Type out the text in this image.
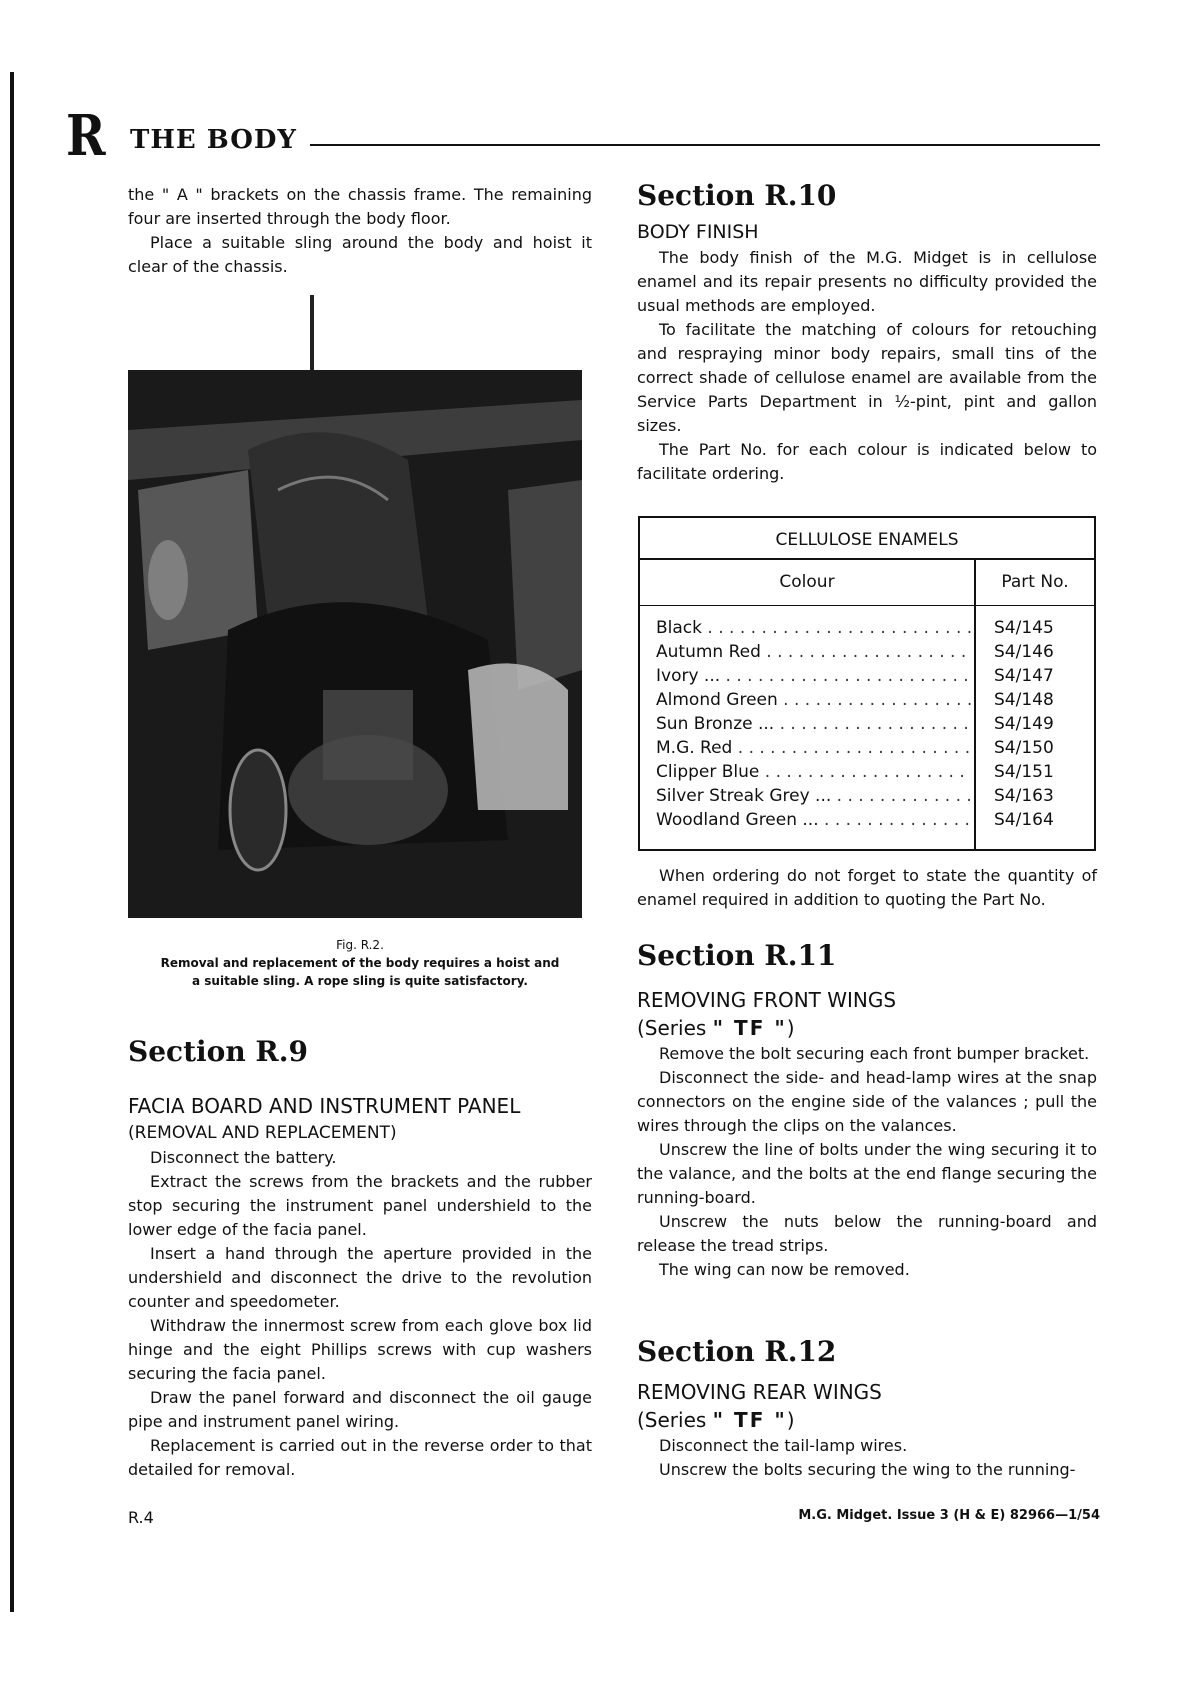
R THE BODY

the " A " brackets on the chassis frame. The remaining four are inserted through the body floor.

Place a suitable sling around the body and hoist it clear of the chassis.

Fig. R.2.
Removal and replacement of the body requires a hoist and a suitable sling. A rope sling is quite satisfactory.
Section R.9

FACIA BOARD AND INSTRUMENT PANEL

(REMOVAL AND REPLACEMENT)

Disconnect the battery.

Extract the screws from the brackets and the rubber stop securing the instrument panel undershield to the lower edge of the facia panel.

Insert a hand through the aperture provided in the undershield and disconnect the drive to the revolution counter and speedometer.

Withdraw the innermost screw from each glove box lid hinge and the eight Phillips screws with cup washers securing the facia panel.

Draw the panel forward and disconnect the oil gauge pipe and instrument panel wiring.

Replacement is carried out in the reverse order to that detailed for removal.

Section R.10

BODY FINISH

The body finish of the M.G. Midget is in cellulose enamel and its repair presents no difficulty provided the usual methods are employed.

To facilitate the matching of colours for retouching and respraying minor body repairs, small tins of the correct shade of cellulose enamel are available from the Service Parts Department in ½-pint, pint and gallon sizes.

The Part No. for each colour is indicated below to facilitate ordering.

CELLULOSE ENAMELS
Colour	Part No.
Black . . .	S4/145
Autumn Red . . .	S4/146
Ivory ... . . .	S4/147
Almond Green . . .	S4/148
Sun Bronze ... . . .	S4/149
M.G. Red . . .	S4/150
Clipper Blue . . .	S4/151
Silver Streak Grey ... . . .	S4/163
Woodland Green ... . . .	S4/164

When ordering do not forget to state the quantity of enamel required in addition to quoting the Part No.

Section R.11

REMOVING FRONT WINGS

(Series " TF ")

Remove the bolt securing each front bumper bracket.

Disconnect the side- and head-lamp wires at the snap connectors on the engine side of the valances ; pull the wires through the clips on the valances.

Unscrew the line of bolts under the wing securing it to the valance, and the bolts at the end flange securing the running-board.

Unscrew the nuts below the running-board and release the tread strips.

The wing can now be removed.

Section R.12

REMOVING REAR WINGS

(Series " TF ")

Disconnect the tail-lamp wires.

Unscrew the bolts securing the wing to the running-

R.4	M.G. Midget. Issue 3 (H & E) 82966—1/54
